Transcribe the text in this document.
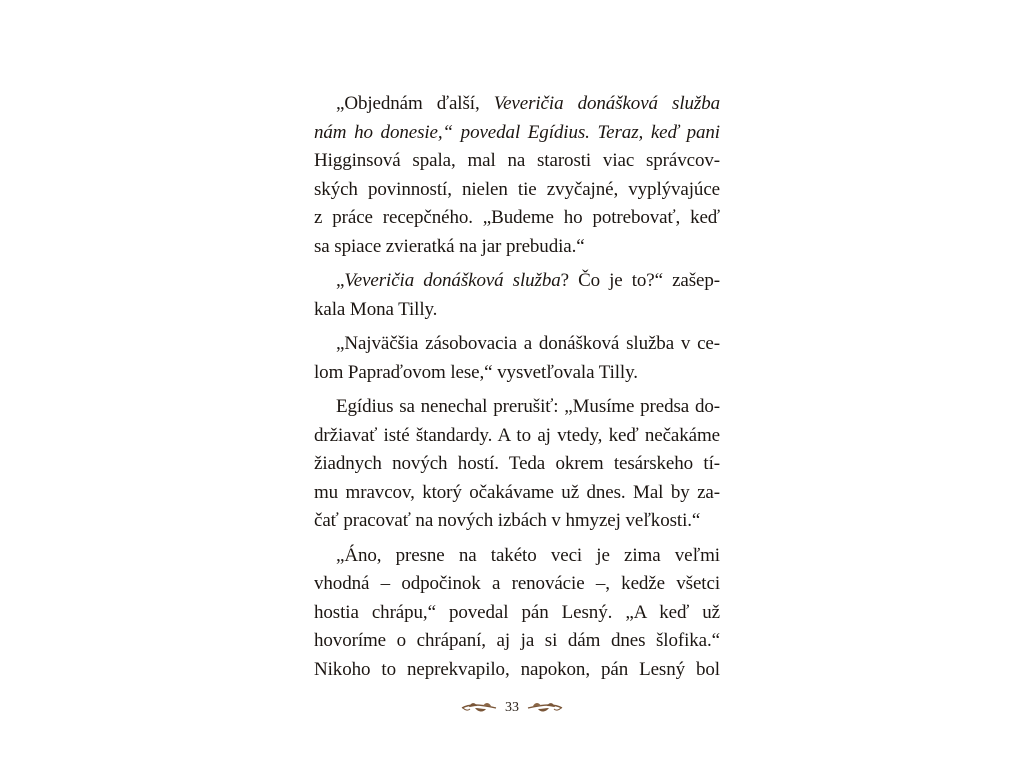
„Objednám ďalší, Veveričia donášková služba
nám ho donesie,“ povedal Egídius. Teraz, keď pani
Higginsová spala, mal na starosti viac správcov-
ských povinností, nielen tie zvyčajné, vyplývajúce
z práce recepčného. „Budeme ho potrebovať, keď
sa spiace zvieratká na jar prebudia.“
„Veveričia donášková služba? Čo je to?“ zašep-
kala Mona Tilly.
„Najväčšia zásobovacia a donášková služba v ce-
lom Papraďovom lese,“ vysvetľovala Tilly.
Egídius sa nenechal prerušiť: „Musíme predsa do-
držiavať isté štandardy. A to aj vtedy, keď nečakáme
žiadnych nových hostí. Teda okrem tesárskeho tí-
mu mravcov, ktorý očakávame už dnes. Mal by za-
čať pracovať na nových izbách v hmyzej veľkosti.“
„Áno, presne na takéto veci je zima veľmi
vhodná – odpočinok a renovácie –, kedže všetci
hostia chrápu,“ povedal pán Lesný. „A keď už
hovoríme o chrápaní, aj ja si dám dnes šlofika.“
Nikoho to neprekvapilo, napokon, pán Lesný bol
33
